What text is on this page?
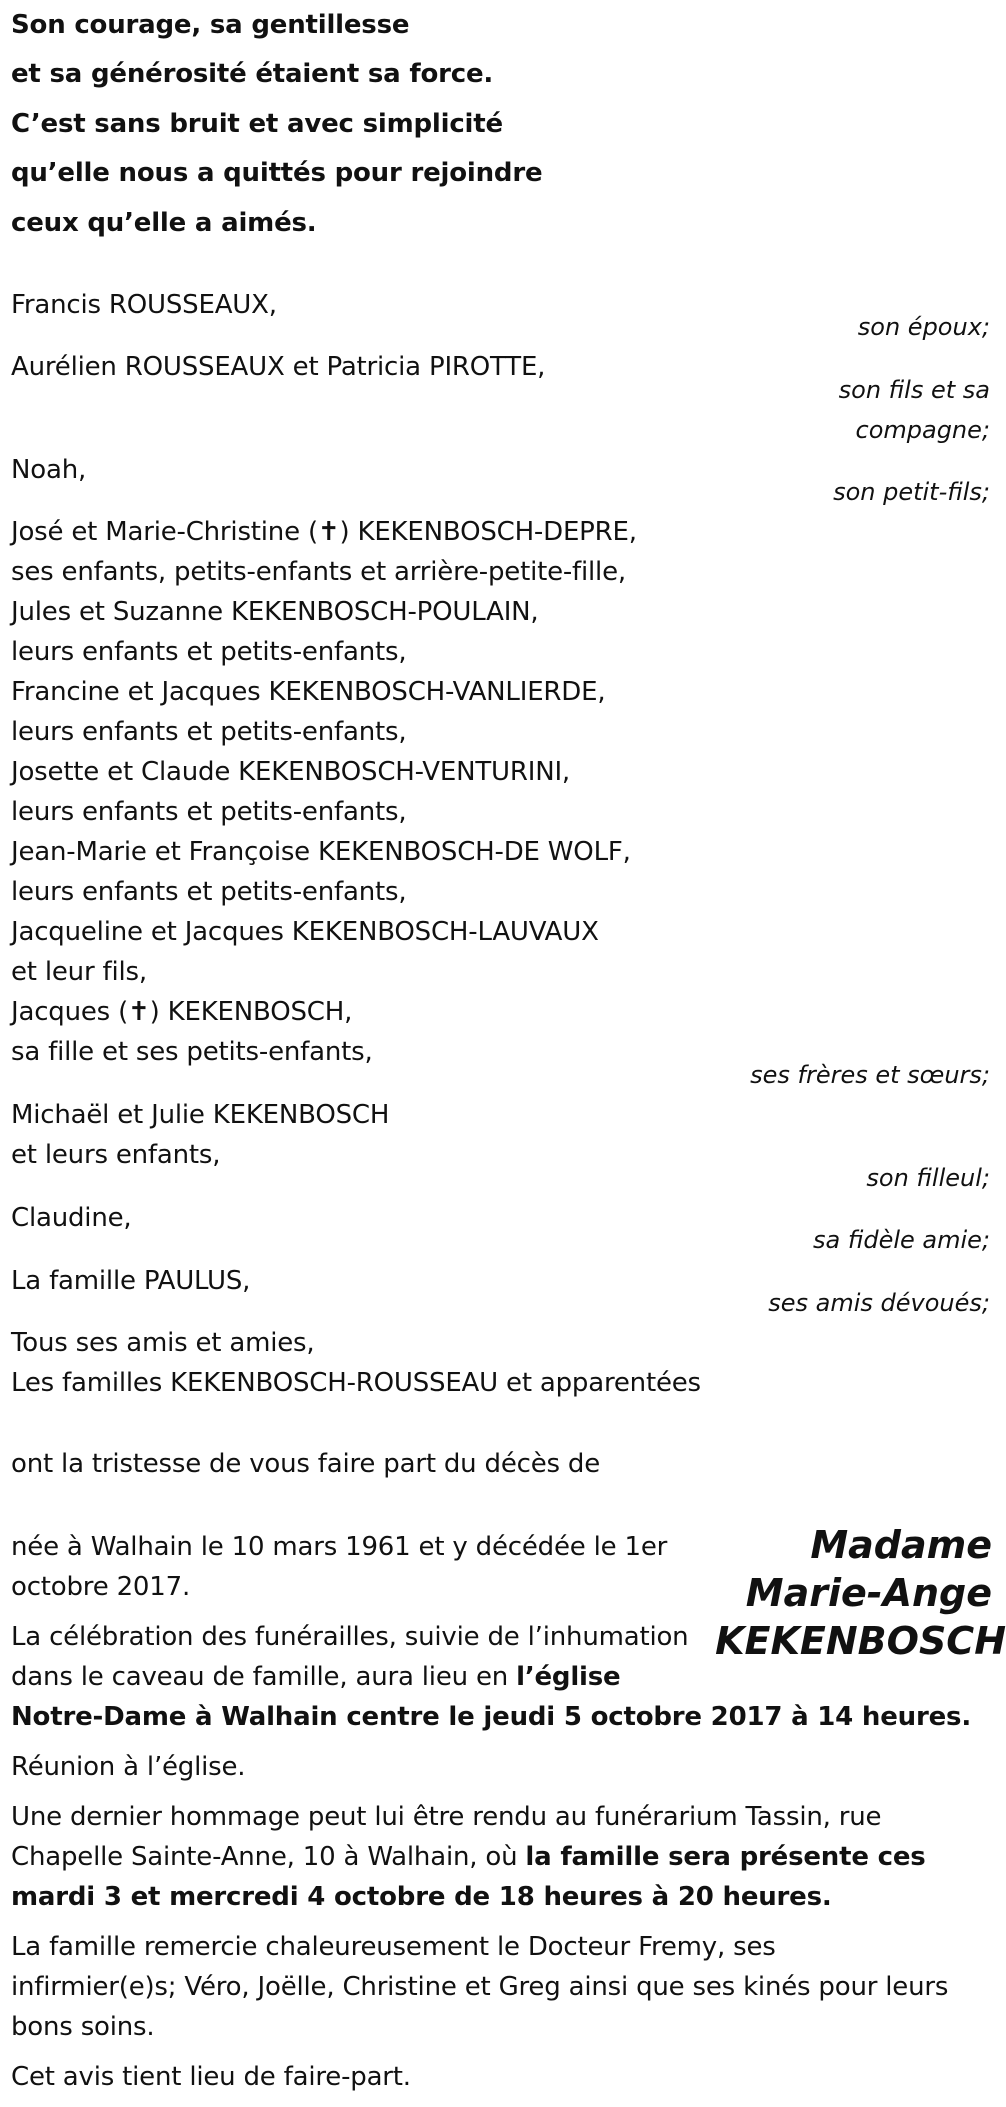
Son courage, sa gentillesse

et sa générosité étaient sa force.

C’est sans bruit et avec simplicité

qu’elle nous a quittés pour rejoindre

ceux qu’elle a aimés.

Francis ROUSSEAUX,

son époux;

Aurélien ROUSSEAUX et Patricia PIROTTE,

son fils et sa

compagne;

Noah,

son petit-fils;

José et Marie-Christine (✝) KEKENBOSCH-DEPRE,

ses enfants, petits-enfants et arrière-petite-fille,

Jules et Suzanne KEKENBOSCH-POULAIN,

leurs enfants et petits-enfants,

Francine et Jacques KEKENBOSCH-VANLIERDE,

leurs enfants et petits-enfants,

Josette et Claude KEKENBOSCH-VENTURINI,

leurs enfants et petits-enfants,

Jean-Marie et Françoise KEKENBOSCH-DE WOLF,

leurs enfants et petits-enfants,

Jacqueline et Jacques KEKENBOSCH-LAUVAUX

et leur fils,

Jacques (✝) KEKENBOSCH,

sa fille et ses petits-enfants,

ses frères et sœurs;

Michaël et Julie KEKENBOSCH

et leurs enfants,

son filleul;

Claudine,

sa fidèle amie;

La famille PAULUS,

ses amis dévoués;

Tous ses amis et amies,

Les familles KEKENBOSCH-ROUSSEAU et apparentées

ont la tristesse de vous faire part du décès de

Madame

Marie-Ange

KEKENBOSCH

née à Walhain le 10 mars 1961 et y décédée le 1er

octobre 2017.

La célébration des funérailles, suivie de l’inhumation

dans le caveau de famille, aura lieu en l’église

Notre-Dame à Walhain centre le jeudi 5 octobre 2017 à 14 heures.

Réunion à l’église.

Une dernier hommage peut lui être rendu au funérarium Tassin, rue

Chapelle Sainte-Anne, 10 à Walhain, où la famille sera présente ces

mardi 3 et mercredi 4 octobre de 18 heures à 20 heures.

La famille remercie chaleureusement le Docteur Fremy, ses

infirmier(e)s; Véro, Joëlle, Christine et Greg ainsi que ses kinés pour leurs

bons soins.

Cet avis tient lieu de faire-part.
